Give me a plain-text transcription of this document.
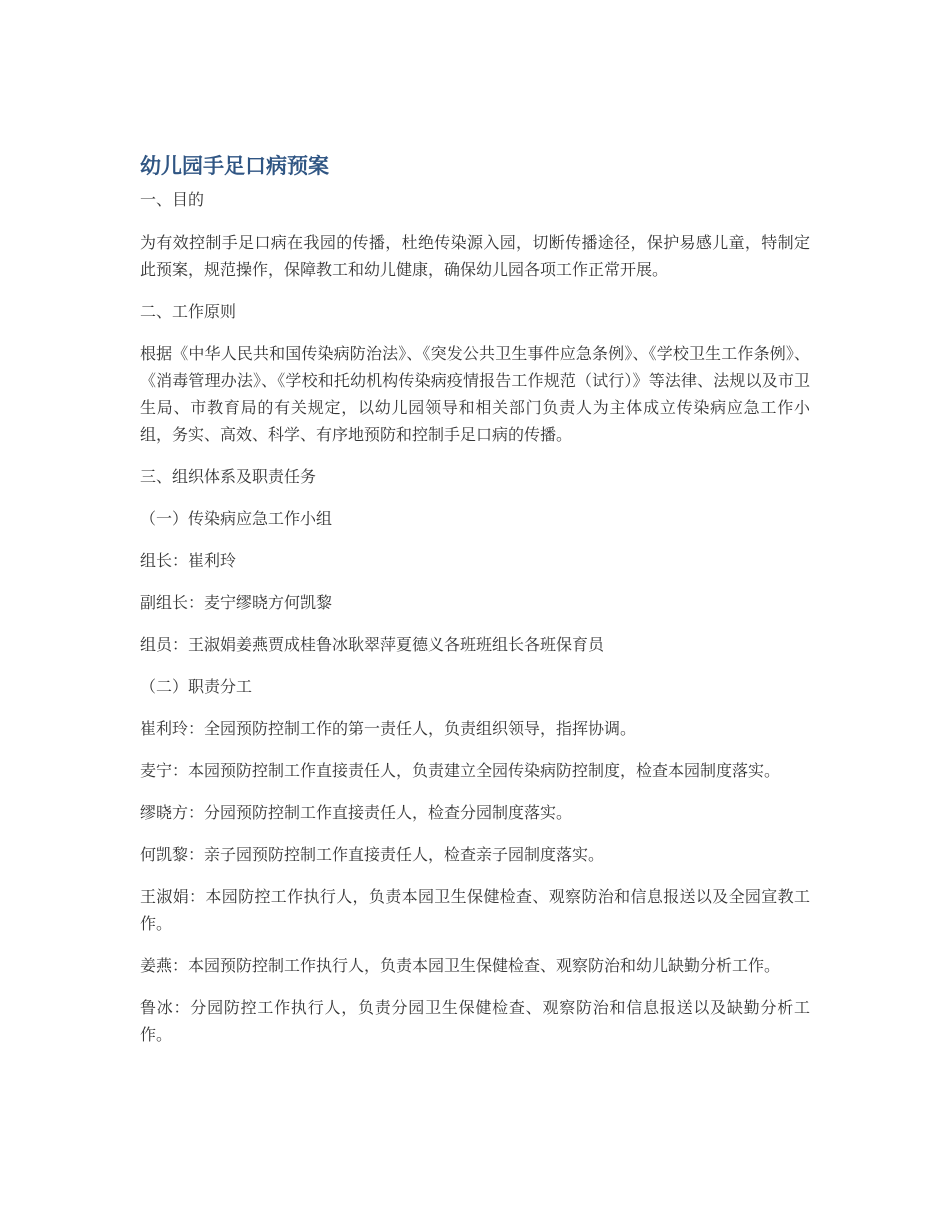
幼儿园手足口病预案

一、目的

为有效控制手足口病在我园的传播，杜绝传染源入园，切断传播途径，保护易感儿童，特制定此预案，规范操作，保障教工和幼儿健康，确保幼儿园各项工作正常开展。

二、工作原则

根据《中华人民共和国传染病防治法》、《突发公共卫生事件应急条例》、《学校卫生工作条例》、《消毒管理办法》、《学校和托幼机构传染病疫情报告工作规范（试行）》等法律、法规以及市卫生局、市教育局的有关规定，以幼儿园领导和相关部门负责人为主体成立传染病应急工作小组，务实、高效、科学、有序地预防和控制手足口病的传播。

三、组织体系及职责任务

（一）传染病应急工作小组

组长：崔利玲

副组长：麦宁缪晓方何凯黎

组员：王淑娟姜燕贾成桂鲁冰耿翠萍夏德义各班班组长各班保育员

（二）职责分工

崔利玲：全园预防控制工作的第一责任人，负责组织领导，指挥协调。

麦宁：本园预防控制工作直接责任人，负责建立全园传染病防控制度，检查本园制度落实。

缪晓方：分园预防控制工作直接责任人，检查分园制度落实。

何凯黎：亲子园预防控制工作直接责任人，检查亲子园制度落实。

王淑娟：本园防控工作执行人，负责本园卫生保健检查、观察防治和信息报送以及全园宣教工作。

姜燕：本园预防控制工作执行人，负责本园卫生保健检查、观察防治和幼儿缺勤分析工作。

鲁冰：分园防控工作执行人，负责分园卫生保健检查、观察防治和信息报送以及缺勤分析工作。
